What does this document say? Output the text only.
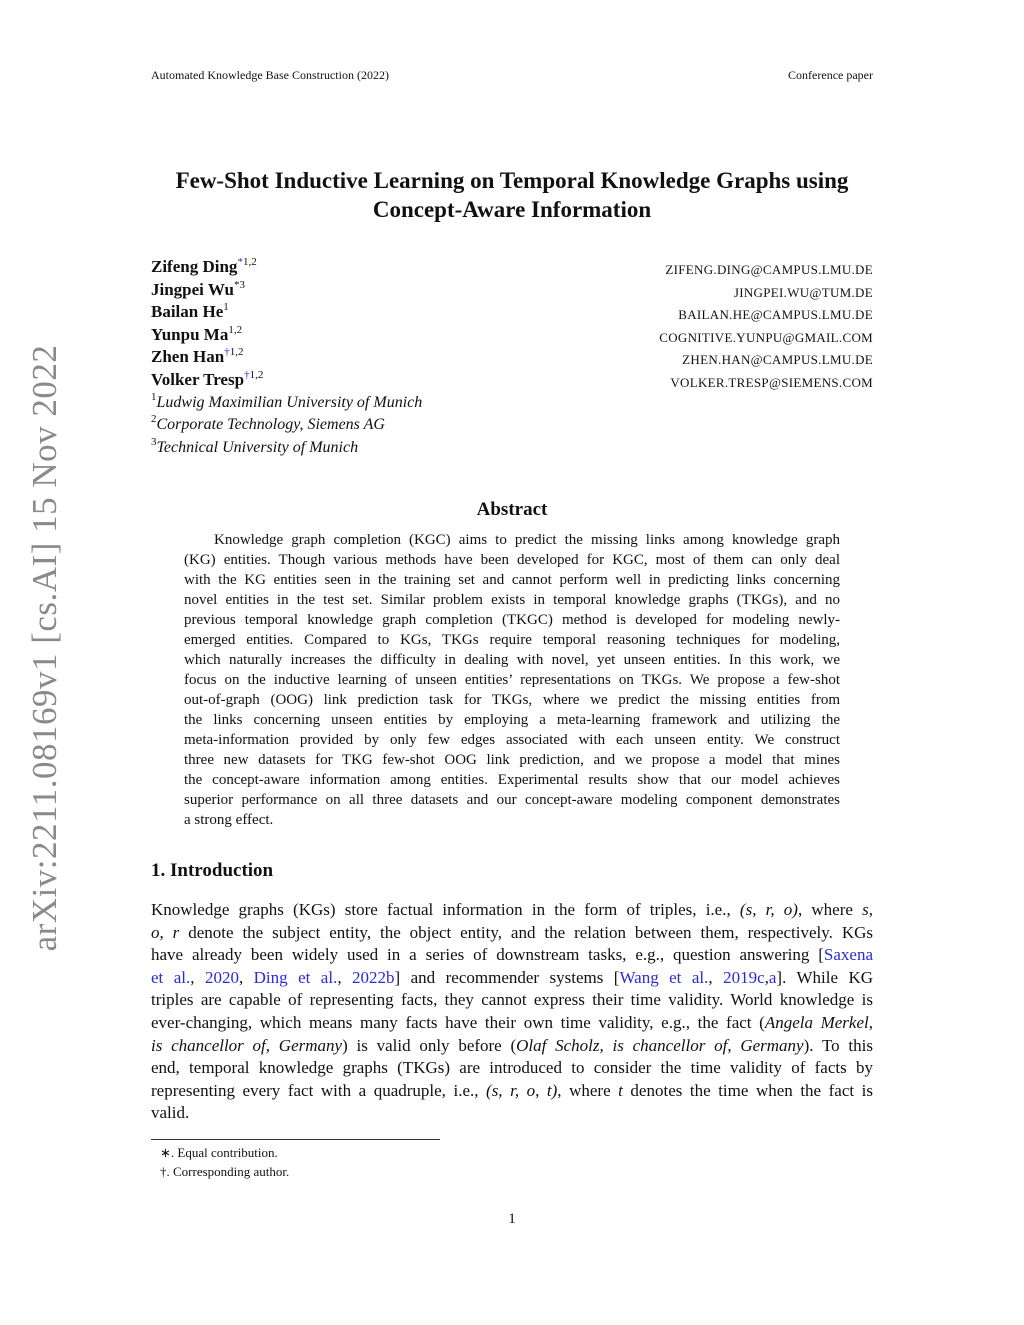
Automated Knowledge Base Construction (2022)	Conference paper
arXiv:2211.08169v1 [cs.AI] 15 Nov 2022
Few-Shot Inductive Learning on Temporal Knowledge Graphs using
Concept-Aware Information
Zifeng Ding$^{*1,2}$
Jingpei Wu$^{*3}$
Bailan He$^1$
Yunpu Ma$^{1,2}$
Zhen Han$^{\dagger 1,2}$
Volker Tresp$^{\dagger 1,2}$
$^1$Ludwig Maximilian University of Munich
$^2$Corporate Technology, Siemens AG
$^3$Technical University of Munich
ZIFENG.DING@CAMPUS.LMU.DE
JINGPEI.WU@TUM.DE
BAILAN.HE@CAMPUS.LMU.DE
COGNITIVE.YUNPU@GMAIL.COM
ZHEN.HAN@CAMPUS.LMU.DE
VOLKER.TRESP@SIEMENS.COM
Abstract
Knowledge graph completion (KGC) aims to predict the missing links among knowledge graph
(KG) entities. Though various methods have been developed for KGC, most of them can only deal
with the KG entities seen in the training set and cannot perform well in predicting links concerning
novel entities in the test set. Similar problem exists in temporal knowledge graphs (TKGs), and no
previous temporal knowledge graph completion (TKGC) method is developed for modeling newly-
emerged entities. Compared to KGs, TKGs require temporal reasoning techniques for modeling,
which naturally increases the difficulty in dealing with novel, yet unseen entities. In this work, we
focus on the inductive learning of unseen entities’ representations on TKGs. We propose a few-shot
out-of-graph (OOG) link prediction task for TKGs, where we predict the missing entities from
the links concerning unseen entities by employing a meta-learning framework and utilizing the
meta-information provided by only few edges associated with each unseen entity. We construct
three new datasets for TKG few-shot OOG link prediction, and we propose a model that mines
the concept-aware information among entities. Experimental results show that our model achieves
superior performance on all three datasets and our concept-aware modeling component demonstrates
a strong effect.
1. Introduction
Knowledge graphs (KGs) store factual information in the form of triples, i.e., (s, r, o), where s,
o, r denote the subject entity, the object entity, and the relation between them, respectively. KGs
have already been widely used in a series of downstream tasks, e.g., question answering [Saxena
et al., 2020, Ding et al., 2022b] and recommender systems [Wang et al., 2019c,a]. While KG
triples are capable of representing facts, they cannot express their time validity. World knowledge is
ever-changing, which means many facts have their own time validity, e.g., the fact (Angela Merkel,
is chancellor of, Germany) is valid only before (Olaf Scholz, is chancellor of, Germany). To this
end, temporal knowledge graphs (TKGs) are introduced to consider the time validity of facts by
representing every fact with a quadruple, i.e., (s, r, o, t), where t denotes the time when the fact is
valid.
∗. Equal contribution.
†. Corresponding author.
1
